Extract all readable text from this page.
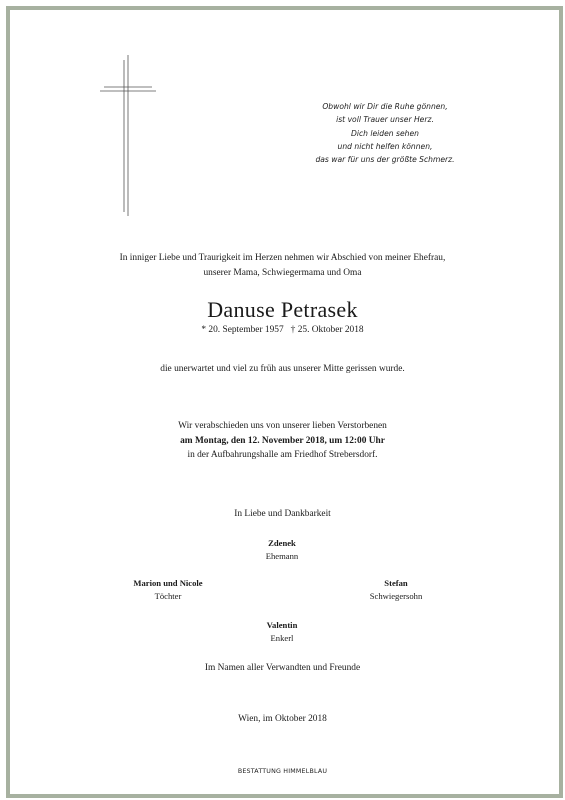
Obwohl wir Dir die Ruhe gönnen,
ist voll Trauer unser Herz.
Dich leiden sehen
und nicht helfen können,
das war für uns der größte Schmerz.
In inniger Liebe und Traurigkeit im Herzen nehmen wir Abschied von meiner Ehefrau,
unserer Mama, Schwiegermama und Oma
Danuse Petrasek
* 20. September 1957 † 25. Oktober 2018
die unerwartet und viel zu früh aus unserer Mitte gerissen wurde.
Wir verabschieden uns von unserer lieben Verstorbenen
am Montag, den 12. November 2018, um 12:00 Uhr
in der Aufbahrungshalle am Friedhof Strebersdorf.
In Liebe und Dankbarkeit
Zdenek
Ehemann
Marion und Nicole
Töchter
Stefan
Schwiegersohn
Valentin
Enkerl
Im Namen aller Verwandten und Freunde
Wien, im Oktober 2018
BESTATTUNG HIMMELBLAU
